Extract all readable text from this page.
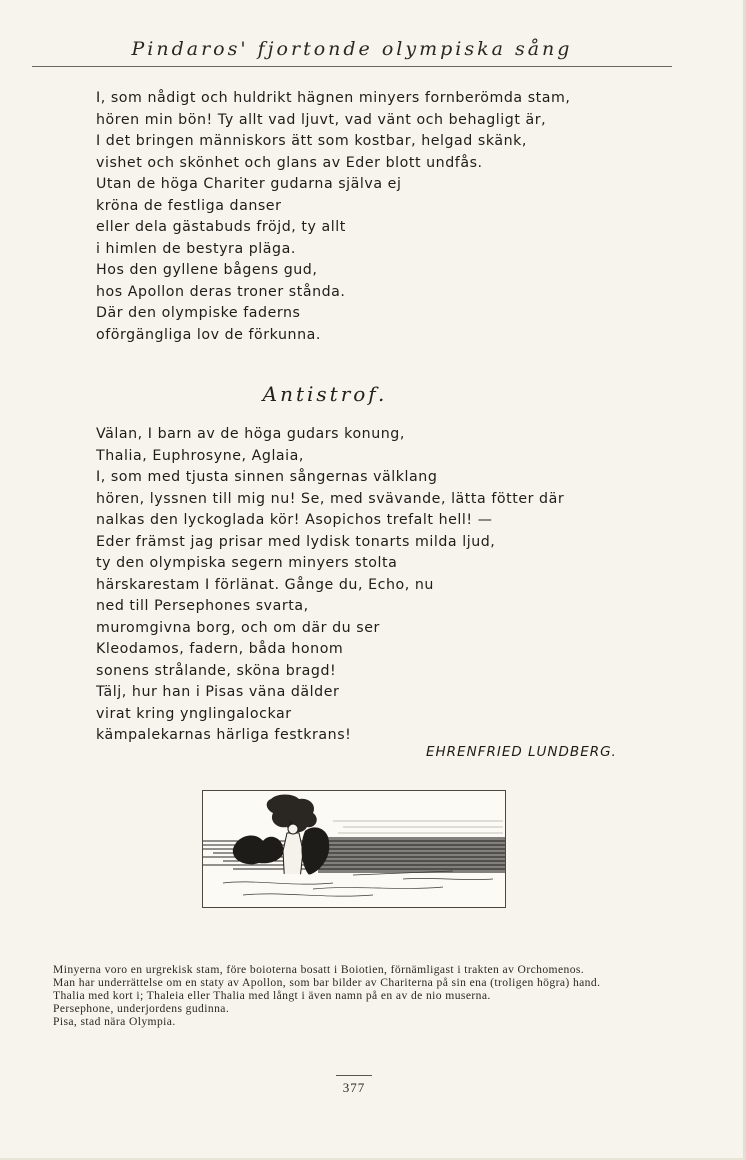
Pindaros' fjortonde olympiska sång
I, som nådigt och huldrikt hägnen minyers fornberömda stam,
hören min bön! Ty allt vad ljuvt, vad vänt och behagligt är,
I det bringen människors ätt som kostbar, helgad skänk,
vishet och skönhet och glans av Eder blott undfås.
Utan de höga Chariter gudarna själva ej
kröna de festliga danser
eller dela gästabuds fröjd, ty allt
i himlen de bestyra pläga.
Hos den gyllene bågens gud,
hos Apollon deras troner stånda.
Där den olympiske faderns
oförgängliga lov de förkunna.
Antistrof.
Välan, I barn av de höga gudars konung,
Thalia, Euphrosyne, Aglaia,
I, som med tjusta sinnen sångernas välklang
hören, lyssnen till mig nu! Se, med svävande, lätta fötter där
nalkas den lyckoglada kör! Asopichos trefalt hell! —
Eder främst jag prisar med lydisk tonarts milda ljud,
ty den olympiska segern minyers stolta
härskarestam I förlänat. Gånge du, Echo, nu
ned till Persephones svarta,
muromgivna borg, och om där du ser
Kleodamos, fadern, båda honom
sonens strålande, sköna bragd!
Tälj, hur han i Pisas väna dälder
virat kring ynglingalockar
kämpalekarnas härliga festkrans!
EHRENFRIED LUNDBERG.

Minyerna voro en urgrekisk stam, före boioterna bosatt i Boiotien, förnämligast i trakten av Orchomenos.

Man har underrättelse om en staty av Apollon, som bar bilder av Chariterna på sin ena (troligen högra) hand.

Thalia med kort i; Thaleia eller Thalia med långt i även namn på en av de nio muserna.

Persephone, underjordens gudinna.

Pisa, stad nära Olympia.

377
